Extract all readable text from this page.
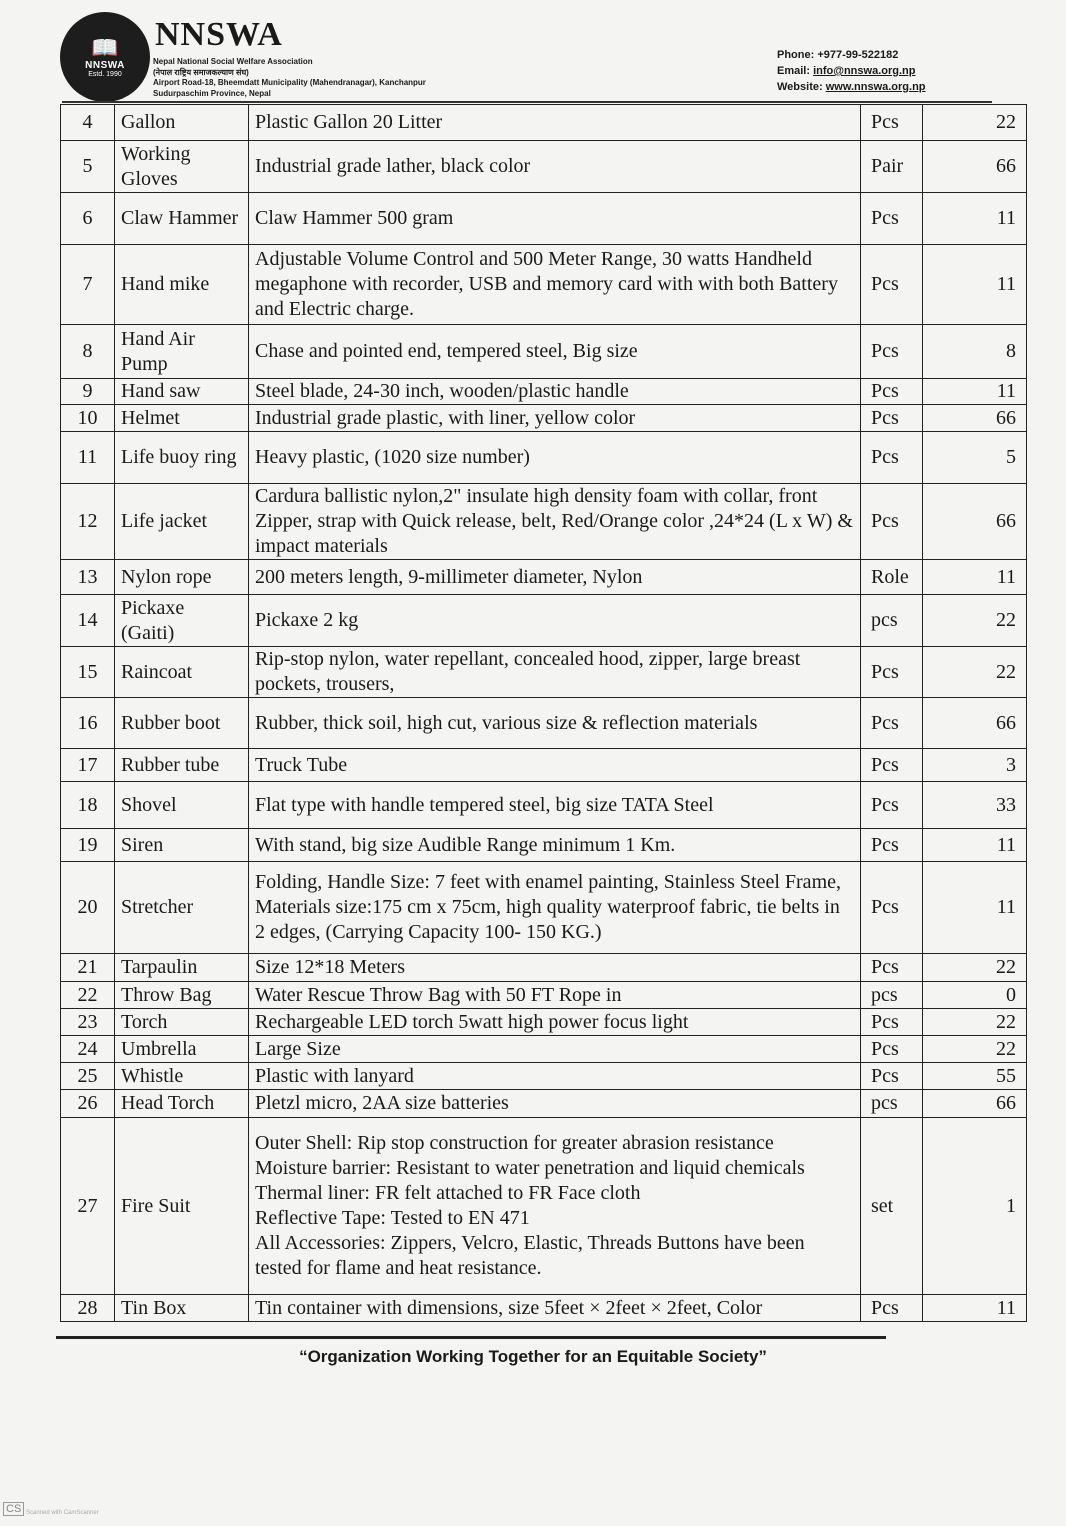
📖
NNSWA
Estd. 1990
NNSWA
Nepal National Social Welfare Association
(नेपाल राष्ट्रिय समाजकल्याण संघ)
Airport Road-18, Bheemdatt Municipality (Mahendranagar), Kanchanpur
Sudurpaschim Province, Nepal
Phone: +977-99-522182
Email: info@nnswa.org.np
Website: www.nnswa.org.np
4	Gallon	Plastic Gallon 20 Litter	Pcs	22
5	Working Gloves	Industrial grade lather, black color	Pair	66
6	Claw Hammer	Claw Hammer 500 gram	Pcs	11
7	Hand mike	Adjustable Volume Control and 500 Meter Range, 30 watts Handheld megaphone with recorder, USB and memory card with with both Battery and Electric charge.	Pcs	11
8	Hand Air Pump	Chase and pointed end, tempered steel, Big size	Pcs	8
9	Hand saw	Steel blade, 24-30 inch, wooden/plastic handle	Pcs	11
10	Helmet	Industrial grade plastic, with liner, yellow color	Pcs	66
11	Life buoy ring	Heavy plastic, (1020 size number)	Pcs	5
12	Life jacket	Cardura ballistic nylon,2" insulate high density foam with collar, front Zipper, strap with Quick release, belt, Red/Orange color ,24*24 (L x W) & impact materials	Pcs	66
13	Nylon rope	200 meters length, 9-millimeter diameter, Nylon	Role	11
14	Pickaxe (Gaiti)	Pickaxe 2 kg	pcs	22
15	Raincoat	Rip-stop nylon, water repellant, concealed hood, zipper, large breast pockets, trousers,	Pcs	22
16	Rubber boot	Rubber, thick soil, high cut, various size & reflection materials	Pcs	66
17	Rubber tube	Truck Tube	Pcs	3
18	Shovel	Flat type with handle tempered steel, big size TATA Steel	Pcs	33
19	Siren	With stand, big size Audible Range minimum 1 Km.	Pcs	11
20	Stretcher	Folding, Handle Size: 7 feet with enamel painting, Stainless Steel Frame, Materials size:175 cm x 75cm, high quality waterproof fabric, tie belts in 2 edges, (Carrying Capacity 100- 150 KG.)	Pcs	11
21	Tarpaulin	Size 12*18 Meters	Pcs	22
22	Throw Bag	Water Rescue Throw Bag with 50 FT Rope in	pcs	0
23	Torch	Rechargeable LED torch 5watt high power focus light	Pcs	22
24	Umbrella	Large Size	Pcs	22
25	Whistle	Plastic with lanyard	Pcs	55
26	Head Torch	Pletzl micro, 2AA size batteries	pcs	66
27	Fire Suit	Outer Shell: Rip stop construction for greater abrasion resistance
Moisture barrier: Resistant to water penetration and liquid chemicals
Thermal liner: FR felt attached to FR Face cloth
Reflective Tape: Tested to EN 471
All Accessories: Zippers, Velcro, Elastic, Threads Buttons have been tested for flame and heat resistance.	set	1
28	Tin Box	Tin container with dimensions, size 5feet × 2feet × 2feet, Color	Pcs	11
“Organization Working Together for an Equitable Society”
CS Scanned with CamScanner
